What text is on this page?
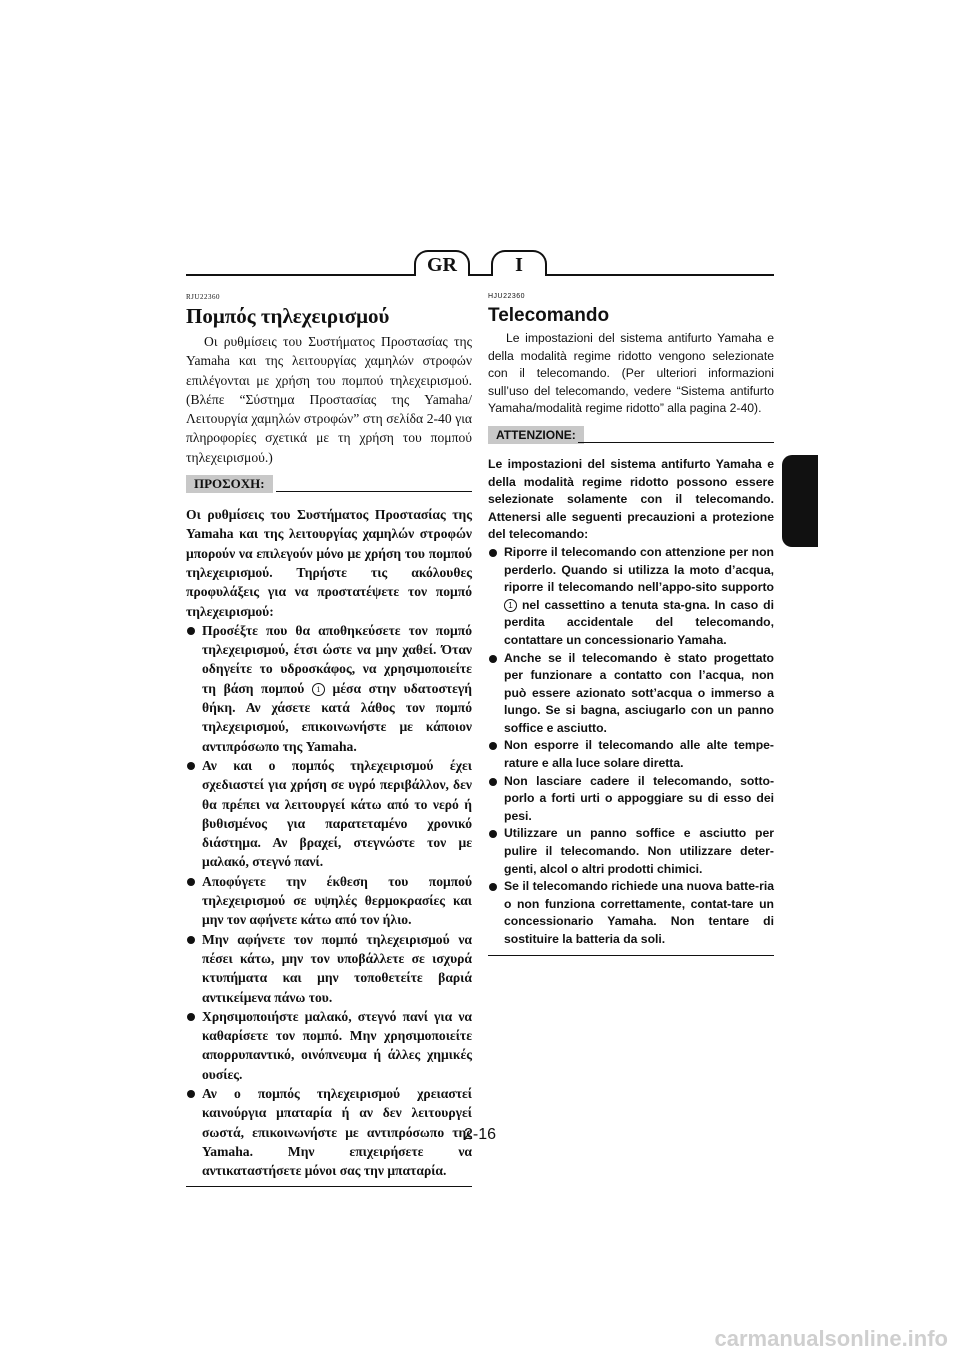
GR	I
RJU22360
Πομπός τηλεχειρισμού

Οι ρυθμίσεις του Συστήματος Προστασίας της Yamaha και της λειτουργίας χαμηλών στροφών επιλέγονται με χρήση του πομπού τηλεχειρισμού. (Βλέπε “Σύστημα Προστασίας της Yamaha/Λειτουργία χαμηλών στροφών” στη σελίδα 2-40 για πληροφορίες σχετικά με τη χρήση του πομπού τηλεχειρισμού.)

ΠΡΟΣΟΧΗ:

Οι ρυθμίσεις του Συστήματος Προστασίας της Yamaha και της λειτουργίας χαμηλών στροφών μπορούν να επιλεγούν μόνο με χρήση του πομπού τηλεχειρισμού. Τηρήστε τις ακόλουθες προφυλάξεις για να προστατέψετε τον πομπό τηλεχειρισμού:

Προσέξτε που θα αποθηκεύσετε τον πομπό τηλεχειρισμού, έτσι ώστε να μην χαθεί. Όταν οδηγείτε το υδροσκάφος, να χρησιμοποιείτε τη βάση πομπού 1 μέσα στην υδατοστεγή θήκη. Αν χάσετε κατά λάθος τον πομπό τηλεχειρισμού, επικοινωνήστε με κάποιον αντιπρόσωπο της Yamaha.
Αν και ο πομπός τηλεχειρισμού έχει σχεδιαστεί για χρήση σε υγρό περιβάλλον, δεν θα πρέπει να λειτουργεί κάτω από το νερό ή βυθισμένος για παρατεταμένο χρονικό διάστημα. Αν βραχεί, στεγνώστε τον με μαλακό, στεγνό πανί.
Αποφύγετε την έκθεση του πομπού τηλεχειρισμού σε υψηλές θερμοκρασίες και μην τον αφήνετε κάτω από τον ήλιο.
Μην αφήνετε τον πομπό τηλεχειρισμού να πέσει κάτω, μην τον υποβάλλετε σε ισχυρά κτυπήματα και μην τοποθετείτε βαριά αντικείμενα πάνω του.
Χρησιμοποιήστε μαλακό, στεγνό πανί για να καθαρίσετε τον πομπό. Μην χρησιμοποιείτε απορρυπαντικό, οινόπνευμα ή άλλες χημικές ουσίες.
Αν ο πομπός τηλεχειρισμού χρειαστεί καινούργια μπαταρία ή αν δεν λειτουργεί σωστά, επικοινωνήστε με αντιπρόσωπο της Yamaha. Μην επιχειρήσετε να αντικαταστήσετε μόνοι σας την μπαταρία.
HJU22360
Telecomando

Le impostazioni del sistema antifurto Yamaha e della modalità regime ridotto vengono selezionate con il telecomando. (Per ulteriori informazioni sull’uso del telecomando, vedere “Sistema antifurto Yamaha/modalità regime ridotto” alla pagina 2-40).

ATTENZIONE:

Le impostazioni del sistema antifurto Yamaha e della modalità regime ridotto possono essere selezionate solamente con il telecomando. Attenersi alle seguenti precauzioni a protezione del telecomando:

Riporre il telecomando con attenzione per non perderlo. Quando si utilizza la moto d’acqua, riporre il telecomando nell’appo-sito supporto 1 nel cassettino a tenuta sta-gna. In caso di perdita accidentale del telecomando, contattare un concessionario Yamaha.
Anche se il telecomando è stato progettato per funzionare a contatto con l’acqua, non può essere azionato sott’acqua o immerso a lungo. Se si bagna, asciugarlo con un panno soffice e asciutto.
Non esporre il telecomando alle alte tempe-rature e alla luce solare diretta.
Non lasciare cadere il telecomando, sotto-porlo a forti urti o appoggiare su di esso dei pesi.
Utilizzare un panno soffice e asciutto per pulire il telecomando. Non utilizzare deter-genti, alcol o altri prodotti chimici.
Se il telecomando richiede una nuova batte-ria o non funziona correttamente, contat-tare un concessionario Yamaha. Non tentare di sostituire la batteria da soli.
2-16
carmanualsonline.info
